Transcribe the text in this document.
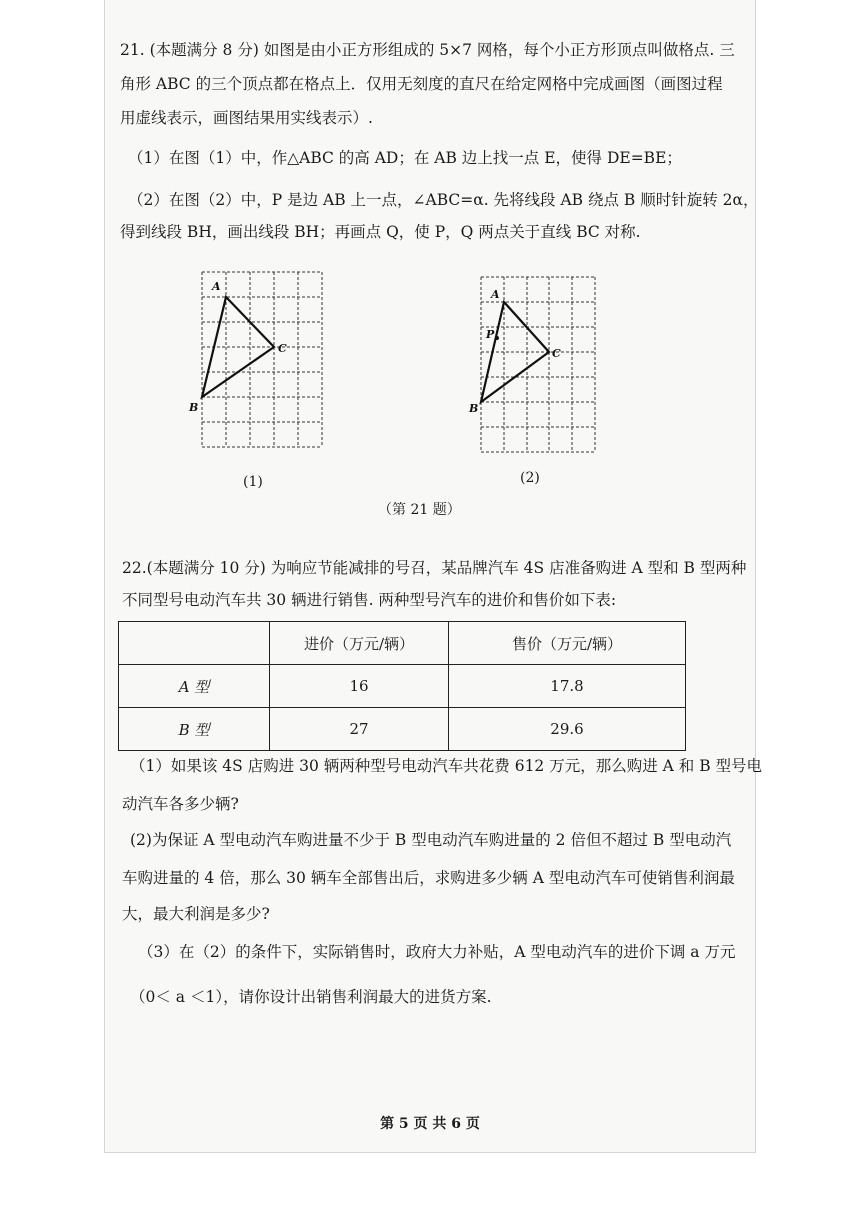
21. (本题满分 8 分) 如图是由小正方形组成的 5×7 网格，每个小正方形顶点叫做格点. 三
角形 ABC 的三个顶点都在格点上．仅用无刻度的直尺在给定网格中完成画图（画图过程
用虚线表示，画图结果用实线表示）.
（1）在图（1）中，作△ABC 的高 AD；在 AB 边上找一点 E，使得 DE=BE；
（2）在图（2）中，P 是边 AB 上一点，∠ABC=α. 先将线段 AB 绕点 B 顺时针旋转 2α，
得到线段 BH，画出线段 BH；再画点 Q，使 P，Q 两点关于直线 BC 对称.
A
B
C
(1)
A
B
C
P
(2)
（第 21 题）
22.(本题满分 10 分) 为响应节能减排的号召，某品牌汽车 4S 店准备购进 A 型和 B 型两种
不同型号电动汽车共 30 辆进行销售. 两种型号汽车的进价和售价如下表:
	进价（万元/辆）	售价（万元/辆）
A 型	16	17.8
B 型	27	29.6
（1）如果该 4S 店购进 30 辆两种型号电动汽车共花费 612 万元，那么购进 A 和 B 型号电
动汽车各多少辆?
(2)为保证 A 型电动汽车购进量不少于 B 型电动汽车购进量的 2 倍但不超过 B 型电动汽
车购进量的 4 倍，那么 30 辆车全部售出后，求购进多少辆 A 型电动汽车可使销售利润最
大，最大利润是多少?
（3）在（2）的条件下，实际销售时，政府大力补贴，A 型电动汽车的进价下调 a 万元
（0＜ a ＜1），请你设计出销售利润最大的进货方案.
第 5 页 共 6 页
